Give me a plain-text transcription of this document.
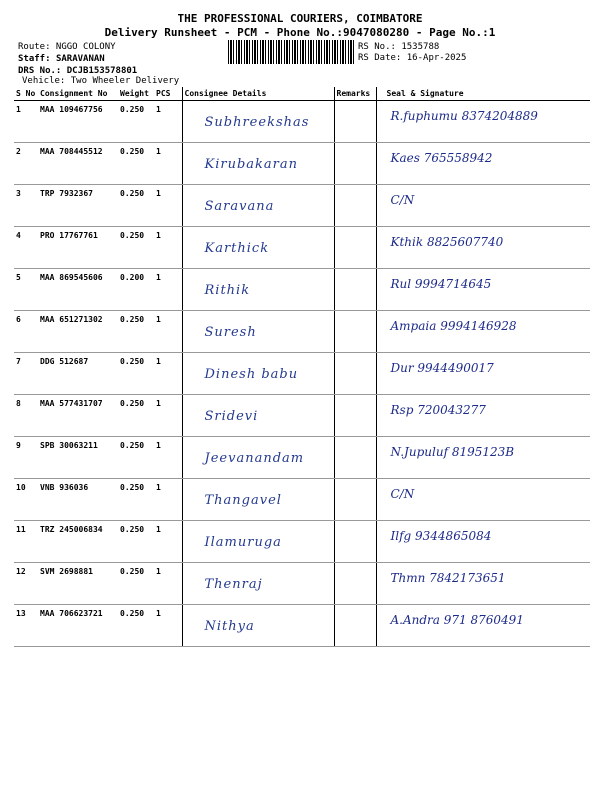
THE PROFESSIONAL COURIERS, COIMBATORE
Delivery Runsheet - PCM - Phone No.:9047080280 - Page No.:1
Route: NGGO COLONY
Staff: SARAVANAN
DRS No.: DCJB153578801
Vehicle: Two Wheeler Delivery
RS No.: 1535788
RS Date: 16-Apr-2025
S No	Consignment No	Weight	PCS	Consignee Details	Remarks	Seal & Signature
1	MAA 109467756	0.250	1	Subhreekshas		R.fuphumu 8374204889
2	MAA 708445512	0.250	1	Kirubakaran		Kaes 765558942
3	TRP 7932367	0.250	1	Saravana		C/N
4	PRO 17767761	0.250	1	Karthick		Kthik 8825607740
5	MAA 869545606	0.200	1	Rithik		Rul 9994714645
6	MAA 651271302	0.250	1	Suresh		Ampaia 9994146928
7	DDG 512687	0.250	1	Dinesh babu		Dur 9944490017
8	MAA 577431707	0.250	1	Sridevi		Rsp 720043277
9	SPB 30063211	0.250	1	Jeevanandam		N.Jupuluf 8195123B
10	VNB 936036	0.250	1	Thangavel		C/N
11	TRZ 245006834	0.250	1	Ilamuruga		Ilfg 9344865084
12	SVM 2698881	0.250	1	Thenraj		Thmn 7842173651
13	MAA 706623721	0.250	1	Nithya		A.Andra 971 8760491
